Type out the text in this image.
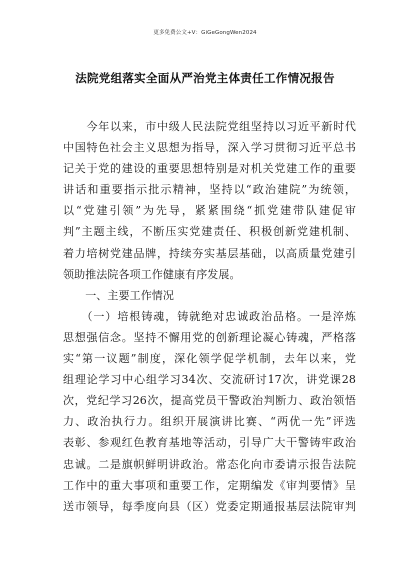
更多免费公文+V：GiGeGongWen2024
法院党组落实全面从严治党主体责任工作情况报告
　　今年以来，市中级人民法院党组坚持以习近平新时代
中国特色社会主义思想为指导，深入学习贯彻习近平总书
记关于党的建设的重要思想特别是对机关党建工作的重要
讲话和重要指示批示精神，坚持以“政治建院”为统领，
以“党建引领”为先导，紧紧围绕“抓党建带队建促审
判”主题主线，不断压实党建责任、积极创新党建机制、
着力培树党建品牌，持续夯实基层基础，以高质量党建引
领助推法院各项工作健康有序发展。
　　一、主要工作情况
　　（一）培根铸魂，铸就绝对忠诚政治品格。一是淬炼
思想强信念。坚持不懈用党的创新理论凝心铸魂，严格落
实“第一议题”制度，深化领学促学机制，去年以来，党
组理论学习中心组学习34次、交流研讨17次，讲党课28
次，党纪学习26次，提高党员干警政治判断力、政治领悟
力、政治执行力。组织开展演讲比赛、“两优一先”评选
表彰、参观红色教育基地等活动，引导广大干警铸牢政治
忠诚。二是旗帜鲜明讲政治。常态化向市委请示报告法院
工作中的重大事项和重要工作，定期编发《审判要情》呈
送市领导，每季度向县（区）党委定期通报基层法院审判
